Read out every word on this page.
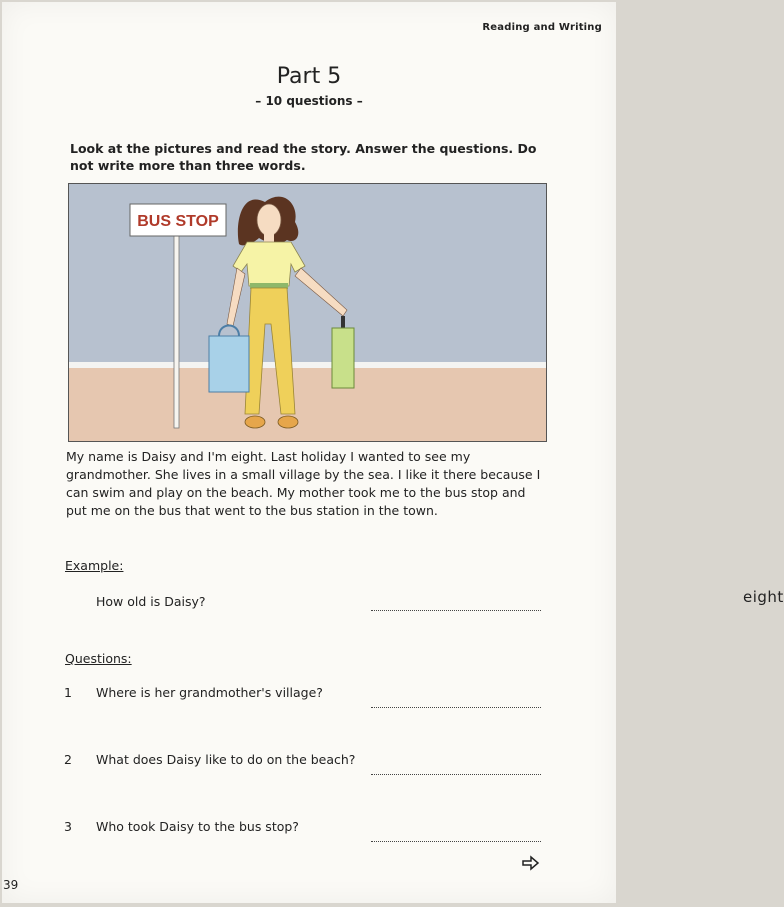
Reading and Writing
Part 5
– 10 questions –
Look at the pictures and read the story. Answer the questions. Do not write more than three words.
BUS STOP
My name is Daisy and I'm eight. Last holiday I wanted to see my grandmother. She lives in a small village by the sea. I like it there because I can swim and play on the beach. My mother took me to the bus stop and put me on the bus that went to the bus station in the town.
Example:
How old is Daisy?	eight
Questions:
1 Where is her grandmother's village?
2 What does Daisy like to do on the beach?
3 Who took Daisy to the bus stop?
39
